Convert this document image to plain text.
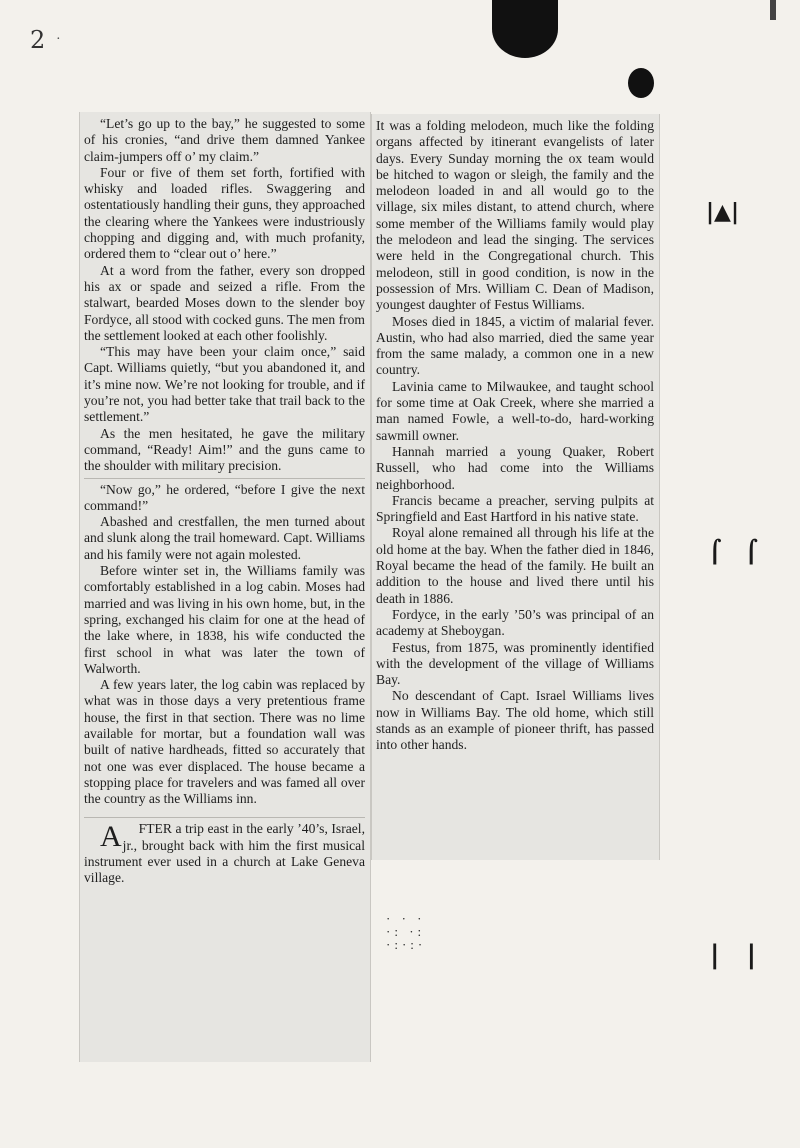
2 ·
|▲|
⌠   ⌠
|   |

“Let’s go up to the bay,” he suggested to some of his cronies, “and drive them damned Yankee claim-jumpers off o’ my claim.”

Four or five of them set forth, fortified with whisky and loaded rifles. Swaggering and ostentatiously handling their guns, they approached the clearing where the Yankees were industriously chopping and digging and, with much profanity, ordered them to “clear out o’ here.”

At a word from the father, every son dropped his ax or spade and seized a rifle. From the stalwart, bearded Moses down to the slender boy Fordyce, all stood with cocked guns. The men from the settlement looked at each other foolishly.

“This may have been your claim once,” said Capt. Williams quietly, “but you abandoned it, and it’s mine now. We’re not looking for trouble, and if you’re not, you had better take that trail back to the settlement.”

As the men hesitated, he gave the military command, “Ready! Aim!” and the guns came to the shoulder with military precision.

“Now go,” he ordered, “before I give the next command!”

Abashed and crestfallen, the men turned about and slunk along the trail homeward. Capt. Williams and his family were not again molested.

Before winter set in, the Williams family was comfortably established in a log cabin. Moses had married and was living in his own home, but, in the spring, exchanged his claim for one at the head of the lake where, in 1838, his wife conducted the first school in what was later the town of Walworth.

A few years later, the log cabin was replaced by what was in those days a very pretentious frame house, the first in that section. There was no lime available for mortar, but a foundation wall was built of native hardheads, fitted so accurately that not one was ever displaced. The house became a stopping place for travelers and was famed all over the country as the Williams inn.

A FTER a trip east in the early ’40’s, Israel, jr., brought back with him the first musical instrument ever used in a church at Lake Geneva village.

It was a folding melodeon, much like the folding organs affected by itinerant evangelists of later days. Every Sunday morning the ox team would be hitched to wagon or sleigh, the family and the melodeon loaded in and all would go to the village, six miles distant, to attend church, where some member of the Williams family would play the melodeon and lead the singing. The services were held in the Congregational church. This melodeon, still in good condition, is now in the possession of Mrs. William C. Dean of Madison, youngest daughter of Festus Williams.

Moses died in 1845, a victim of malarial fever. Austin, who had also married, died the same year from the same malady, a common one in a new country.

Lavinia came to Milwaukee, and taught school for some time at Oak Creek, where she married a man named Fowle, a well-to-do, hard-working sawmill owner.

Hannah married a young Quaker, Robert Russell, who had come into the Williams neighborhood.

Francis became a preacher, serving pulpits at Springfield and East Hartford in his native state.

Royal alone remained all through his life at the old home at the bay. When the father died in 1846, Royal became the head of the family. He built an addition to the house and lived there until his death in 1886.

Fordyce, in the early ’50’s was principal of an academy at Sheboygan.

Festus, from 1875, was prominently identified with the development of the village of Williams Bay.

No descendant of Capt. Israel Williams lives now in Williams Bay. The old home, which still stands as an example of pioneer thrift, has passed into other hands.

· · ·
·: ·:
·:·:·
